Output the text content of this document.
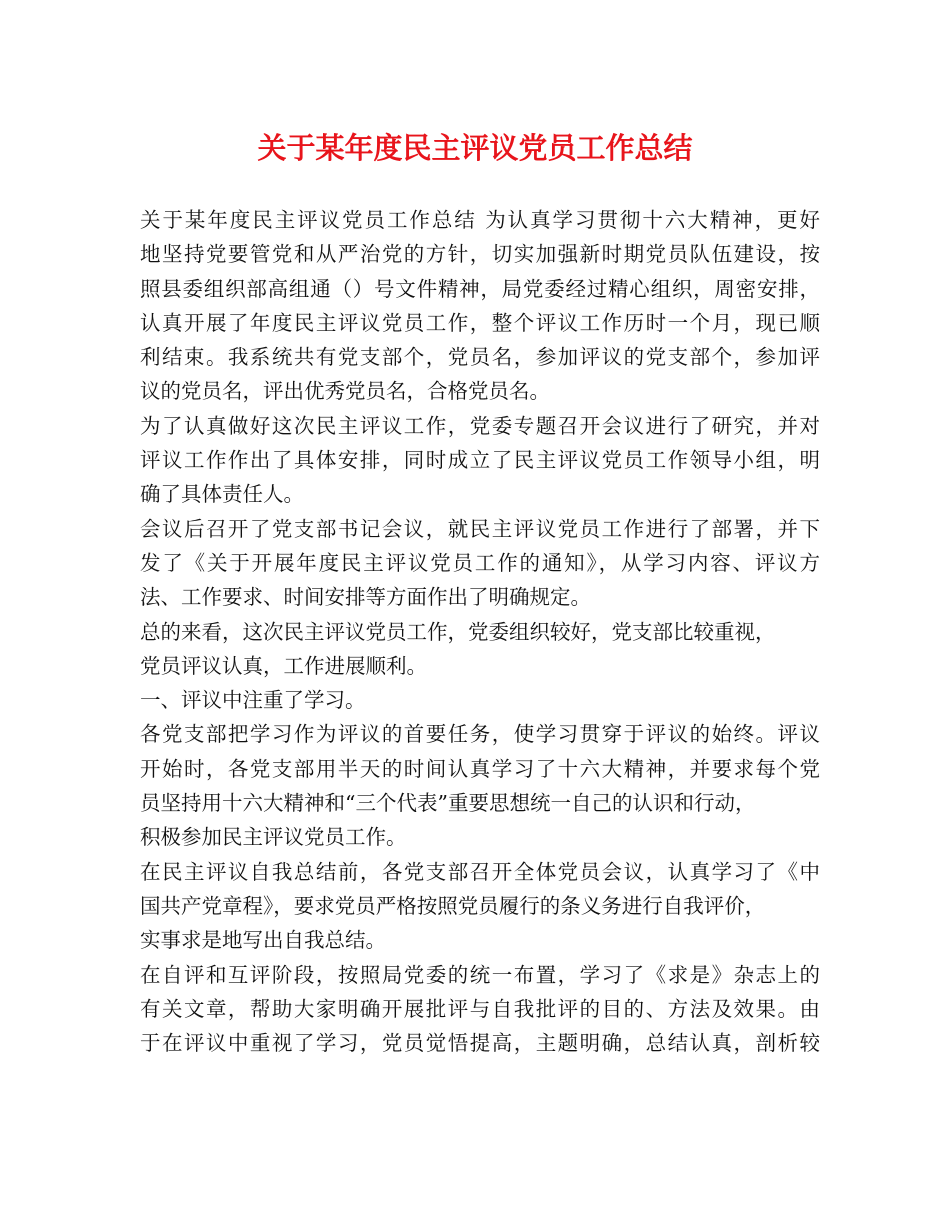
关于某年度民主评议党员工作总结
关于某年度民主评议党员工作总结 为认真学习贯彻十六大精神，更好
地坚持党要管党和从严治党的方针，切实加强新时期党员队伍建设，按
照县委组织部高组通（）号文件精神，局党委经过精心组织，周密安排，
认真开展了年度民主评议党员工作，整个评议工作历时一个月，现已顺
利结束。我系统共有党支部个，党员名，参加评议的党支部个，参加评
议的党员名，评出优秀党员名，合格党员名。
为了认真做好这次民主评议工作，党委专题召开会议进行了研究，并对
评议工作作出了具体安排，同时成立了民主评议党员工作领导小组，明
确了具体责任人。
会议后召开了党支部书记会议，就民主评议党员工作进行了部署，并下
发了《关于开展年度民主评议党员工作的通知》，从学习内容、评议方
法、工作要求、时间安排等方面作出了明确规定。
总的来看，这次民主评议党员工作，党委组织较好，党支部比较重视，
党员评议认真，工作进展顺利。
一、评议中注重了学习。
各党支部把学习作为评议的首要任务，使学习贯穿于评议的始终。评议
开始时，各党支部用半天的时间认真学习了十六大精神，并要求每个党
员坚持用十六大精神和“三个代表”重要思想统一自己的认识和行动，
积极参加民主评议党员工作。
在民主评议自我总结前，各党支部召开全体党员会议，认真学习了《中
国共产党章程》，要求党员严格按照党员履行的条义务进行自我评价，
实事求是地写出自我总结。
在自评和互评阶段，按照局党委的统一布置，学习了《求是》杂志上的
有关文章，帮助大家明确开展批评与自我批评的目的、方法及效果。由
于在评议中重视了学习，党员觉悟提高，主题明确，总结认真，剖析较
